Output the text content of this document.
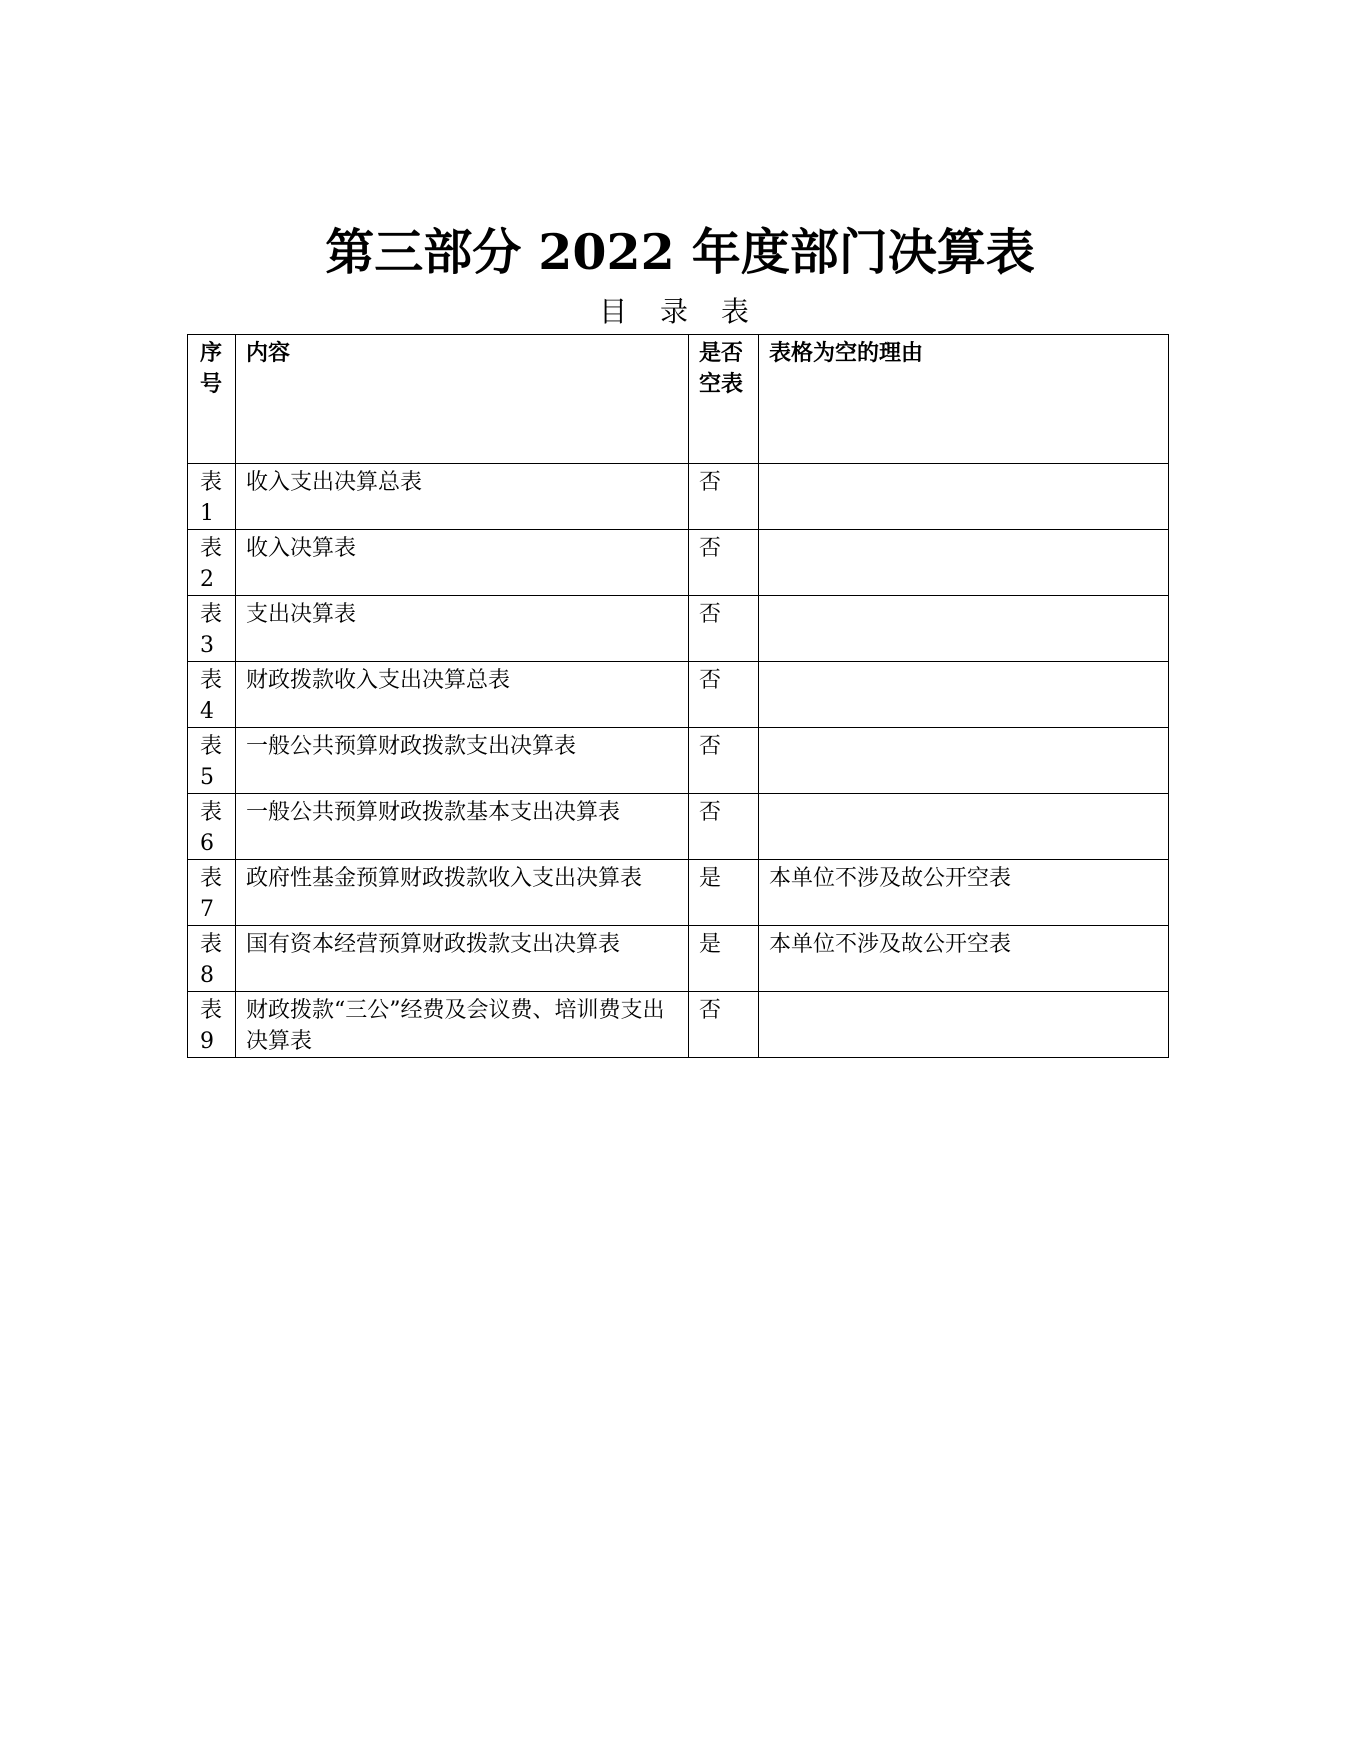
第三部分 2022 年度部门决算表
目 录 表
序号	内容	是否空表	表格为空的理由
表1	收入支出决算总表	否	
表2	收入决算表	否	
表3	支出决算表	否	
表4	财政拨款收入支出决算总表	否	
表5	一般公共预算财政拨款支出决算表	否	
表6	一般公共预算财政拨款基本支出决算表	否	
表7	政府性基金预算财政拨款收入支出决算表	是	本单位不涉及故公开空表
表8	国有资本经营预算财政拨款支出决算表	是	本单位不涉及故公开空表
表9	财政拨款“三公”经费及会议费、培训费支出决算表	否	
